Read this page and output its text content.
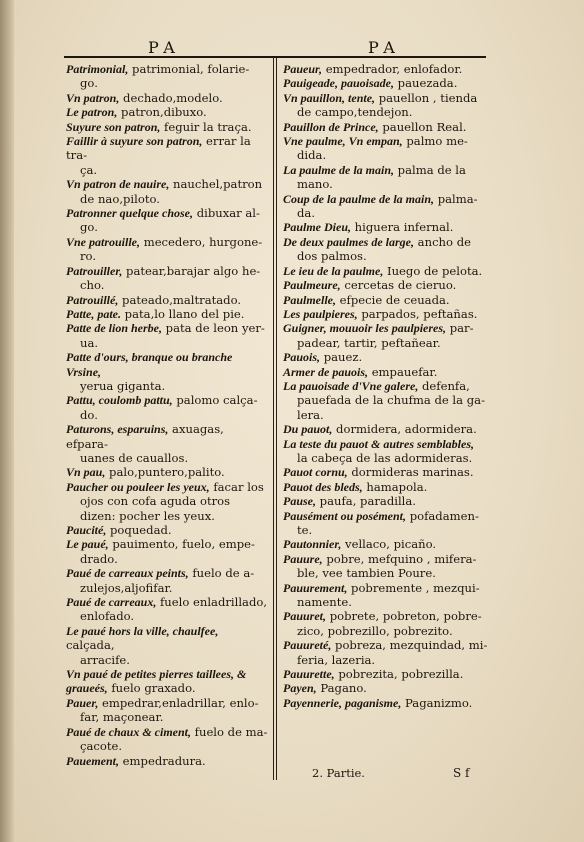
PA	PA
Patrimonial, patrimonial, folarie-
go.
Vn patron, dechado,modelo.
Le patron, patron,dibuxo.
Suyure son patron, feguir la traça.
Faillir à suyure son patron, errar la tra-
ça.
Vn patron de nauire, nauchel,patron
de nao,piloto.
Patronner quelque chose, dibuxar al-
go.
Vne patrouille, mecedero, hurgone-
ro.
Patrouiller, patear,barajar algo he-
cho.
Patrouillé, pateado,maltratado.
Patte, pate. pata,lo llano del pie.
Patte de lion herbe, pata de leon yer-
ua.
Patte d'ours, branque ou branche Vrsine,
yerua giganta.
Pattu, coulomb pattu, palomo calça-
do.
Paturons, esparuins, axuagas, efpara-
uanes de cauallos.
Vn pau, palo,puntero,palito.
Paucher ou pouleer les yeux, facar los
ojos con cofa aguda otros dizen: pocher les yeux.
Paucité, poquedad.
Le paué, pauimento, fuelo, empe-
drado.
Paué de carreaux peints, fuelo de a-
zulejos,aljofifar.
Paué de carreaux, fuelo enladrillado,
enlofado.
Le paué hors la ville, chaulfee, calçada,
arracife.
Vn paué de petites pierres taillees, & graueés, fuelo graxado.
Pauer, empedrar,enladrillar, enlo-
far, maçonear.
Paué de chaux & ciment, fuelo de ma-
çacote.
Pauement, empedradura.
Paueur, empedrador, enlofador.
Pauigeade, pauoisade, pauezada.
Vn pauillon, tente, pauellon , tienda
de campo,tendejon.
Pauillon de Prince, pauellon Real.
Vne paulme, Vn empan, palmo me-
dida.
La paulme de la main, palma de la
mano.
Coup de la paulme de la main, palma-
da.
Paulme Dieu, higuera infernal.
De deux paulmes de large, ancho de
dos palmos.
Le ieu de la paulme, Iuego de pelota.
Paulmeure, cercetas de cieruo.
Paulmelle, efpecie de ceuada.
Les paulpieres, parpados, peftañas.
Guigner, mouuoir les paulpieres, par-
padear, tartir, peftañear.
Pauois, pauez.
Armer de pauois, empauefar.
La pauoisade d'Vne galere, defenfa,
pauefada de la chufma de la ga-lera.
Du pauot, dormidera, adormidera.
La teste du pauot & autres semblables,
la cabeça de las adormideras.
Pauot cornu, dormideras marinas.
Pauot des bleds, hamapola.
Pause, paufa, paradilla.
Pausément ou posément, pofadamen-
te.
Pautonnier, vellaco, picaño.
Pauure, pobre, mefquino , mifera-
ble, vee tambien Poure.
Pauurement, pobremente , mezqui-
namente.
Pauuret, pobrete, pobreton, pobre-
zico, pobrezillo, pobrezito.
Pauureté, pobreza, mezquindad, mi-
feria, lazeria.
Pauurette, pobrezita, pobrezilla.
Payen, Pagano.
Payennerie, paganisme, Paganizmo.
2. Partie.	S f
